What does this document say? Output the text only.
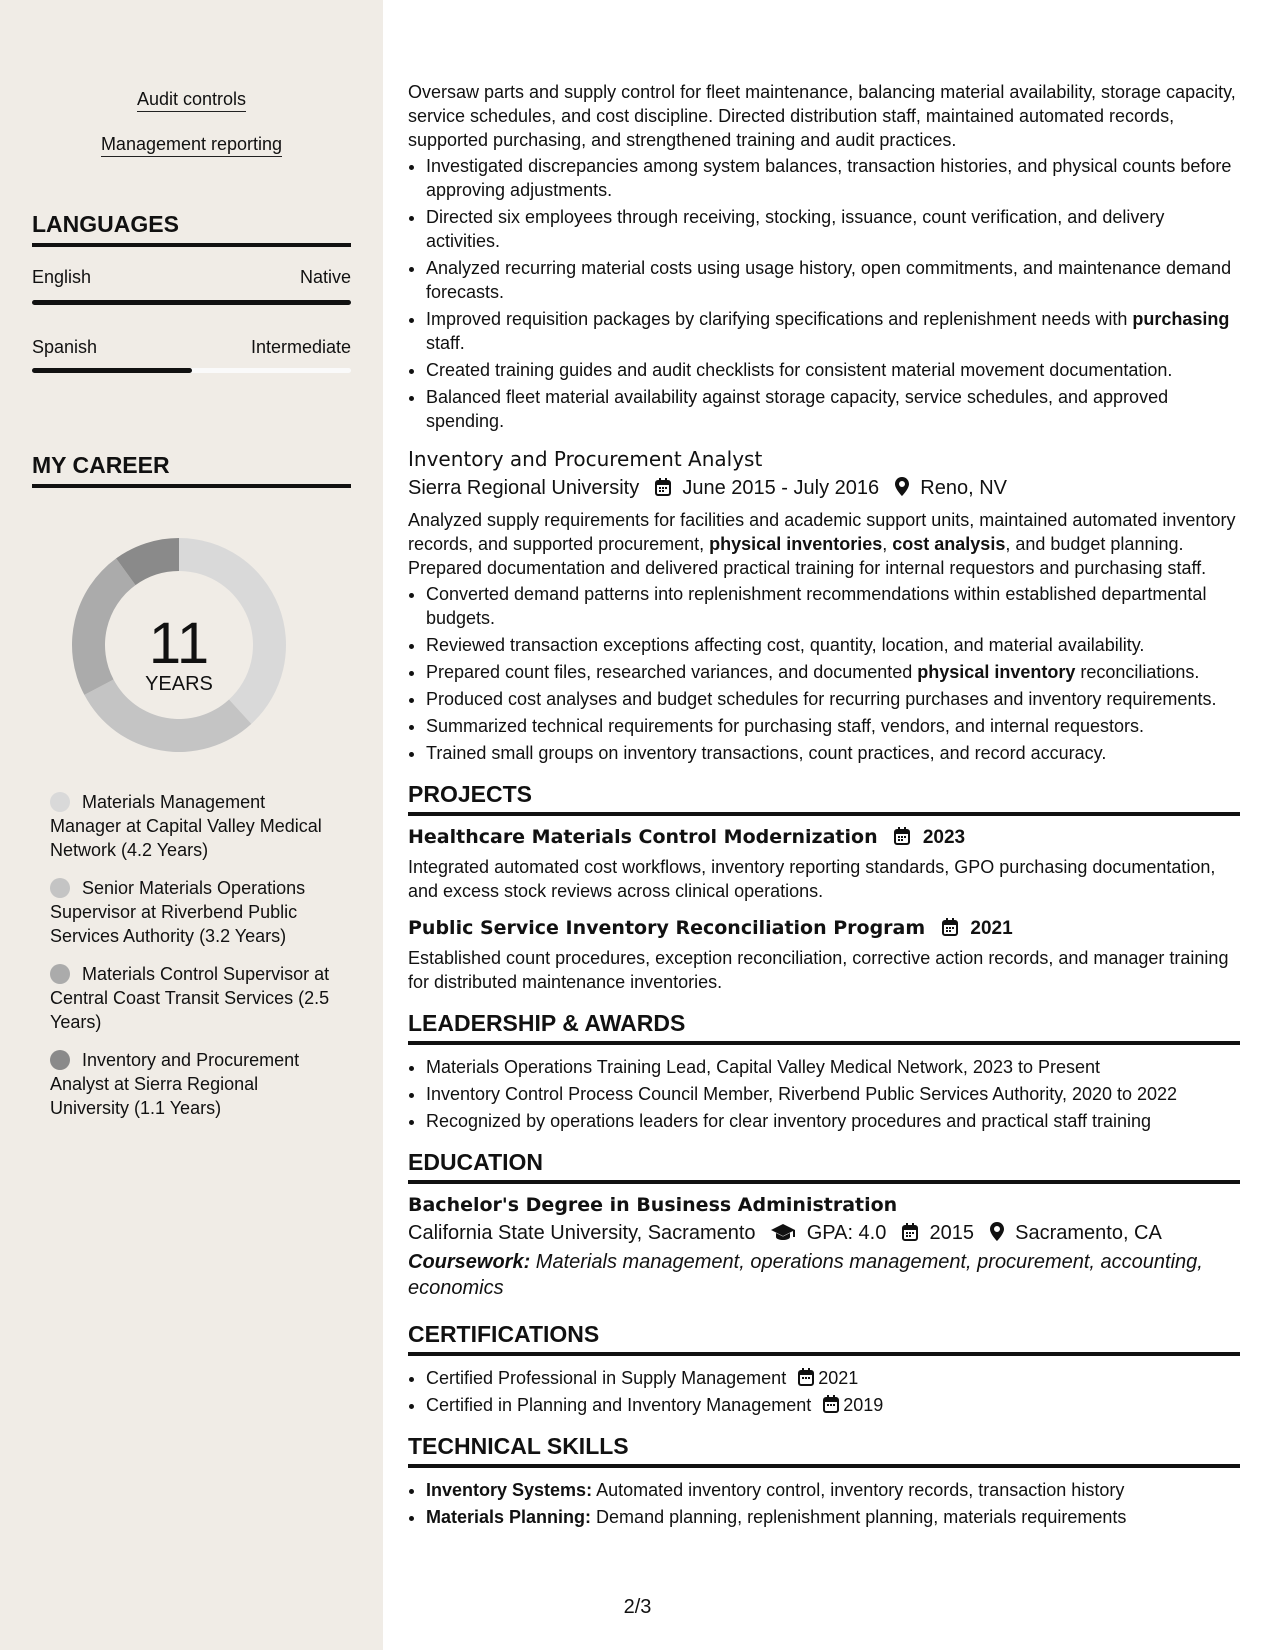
Audit controls
Management reporting
LANGUAGES
English	Native
Spanish	Intermediate
MY CAREER
11
YEARS
Materials Management Manager at Capital Valley Medical Network (4.2 Years)
Senior Materials Operations Supervisor at Riverbend Public Services Authority (3.2 Years)
Materials Control Supervisor at Central Coast Transit Services (2.5 Years)
Inventory and Procurement Analyst at Sierra Regional University (1.1 Years)

Oversaw parts and supply control for fleet maintenance, balancing material availability, storage capacity, service schedules, and cost discipline. Directed distribution staff, maintained automated records, supported purchasing, and strengthened training and audit practices.

• Investigated discrepancies among system balances, transaction histories, and physical counts before approving adjustments.
• Directed six employees through receiving, stocking, issuance, count verification, and delivery activities.
• Analyzed recurring material costs using usage history, open commitments, and maintenance demand forecasts.
• Improved requisition packages by clarifying specifications and replenishment needs with purchasing staff.
• Created training guides and audit checklists for consistent material movement documentation.
• Balanced fleet material availability against storage capacity, service schedules, and approved spending.
Inventory and Procurement Analyst
Sierra Regional University June 2015 - July 2016 Reno, NV

Analyzed supply requirements for facilities and academic support units, maintained automated inventory records, and supported procurement, physical inventories, cost analysis, and budget planning. Prepared documentation and delivered practical training for internal requestors and purchasing staff.

• Converted demand patterns into replenishment recommendations within established departmental budgets.
• Reviewed transaction exceptions affecting cost, quantity, location, and material availability.
• Prepared count files, researched variances, and documented physical inventory reconciliations.
• Produced cost analyses and budget schedules for recurring purchases and inventory requirements.
• Summarized technical requirements for purchasing staff, vendors, and internal requestors.
• Trained small groups on inventory transactions, count practices, and record accuracy.
PROJECTS
Healthcare Materials Control Modernization 2023

Integrated automated cost workflows, inventory reporting standards, GPO purchasing documentation, and excess stock reviews across clinical operations.

Public Service Inventory Reconciliation Program 2021

Established count procedures, exception reconciliation, corrective action records, and manager training for distributed maintenance inventories.

LEADERSHIP & AWARDS
• Materials Operations Training Lead, Capital Valley Medical Network, 2023 to Present
• Inventory Control Process Council Member, Riverbend Public Services Authority, 2020 to 2022
• Recognized by operations leaders for clear inventory procedures and practical staff training
EDUCATION
Bachelor's Degree in Business Administration
California State University, Sacramento	GPA: 4.0 2015 Sacramento, CA
Coursework: Materials management, operations management, procurement, accounting, economics
CERTIFICATIONS
• Certified Professional in Supply Management 2021
• Certified in Planning and Inventory Management 2019
TECHNICAL SKILLS
• Inventory Systems: Automated inventory control, inventory records, transaction history
• Materials Planning: Demand planning, replenishment planning, materials requirements
2/3
